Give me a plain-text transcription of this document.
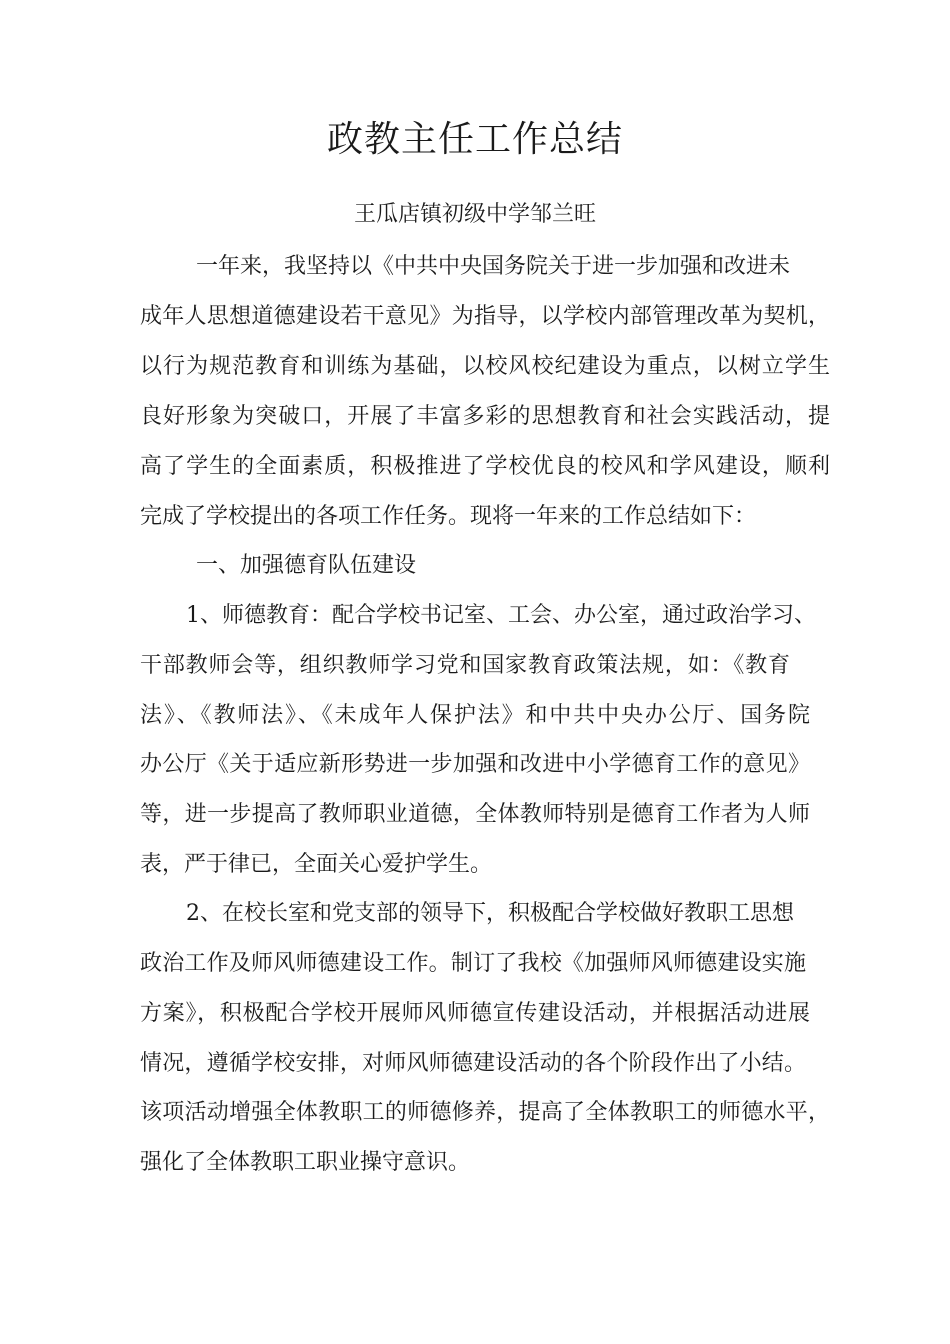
政教主任工作总结
王瓜店镇初级中学邹兰旺
一年来，我坚持以《中共中央国务院关于进一步加强和改进未
成年人思想道德建设若干意见》为指导，以学校内部管理改革为契机，
以行为规范教育和训练为基础，以校风校纪建设为重点，以树立学生
良好形象为突破口，开展了丰富多彩的思想教育和社会实践活动，提
高了学生的全面素质，积极推进了学校优良的校风和学风建设，顺利
完成了学校提出的各项工作任务。现将一年来的工作总结如下：
一、加强德育队伍建设
1、师德教育：配合学校书记室、工会、办公室，通过政治学习、
干部教师会等，组织教师学习党和国家教育政策法规，如：《教育
法》、《教师法》、《未成年人保护法》和中共中央办公厅、国务院
办公厅《关于适应新形势进一步加强和改进中小学德育工作的意见》
等，进一步提高了教师职业道德，全体教师特别是德育工作者为人师
表，严于律已，全面关心爱护学生。
2、在校长室和党支部的领导下，积极配合学校做好教职工思想
政治工作及师风师德建设工作。制订了我校《加强师风师德建设实施
方案》，积极配合学校开展师风师德宣传建设活动，并根据活动进展
情况，遵循学校安排，对师风师德建设活动的各个阶段作出了小结。
该项活动增强全体教职工的师德修养，提高了全体教职工的师德水平，
强化了全体教职工职业操守意识。
